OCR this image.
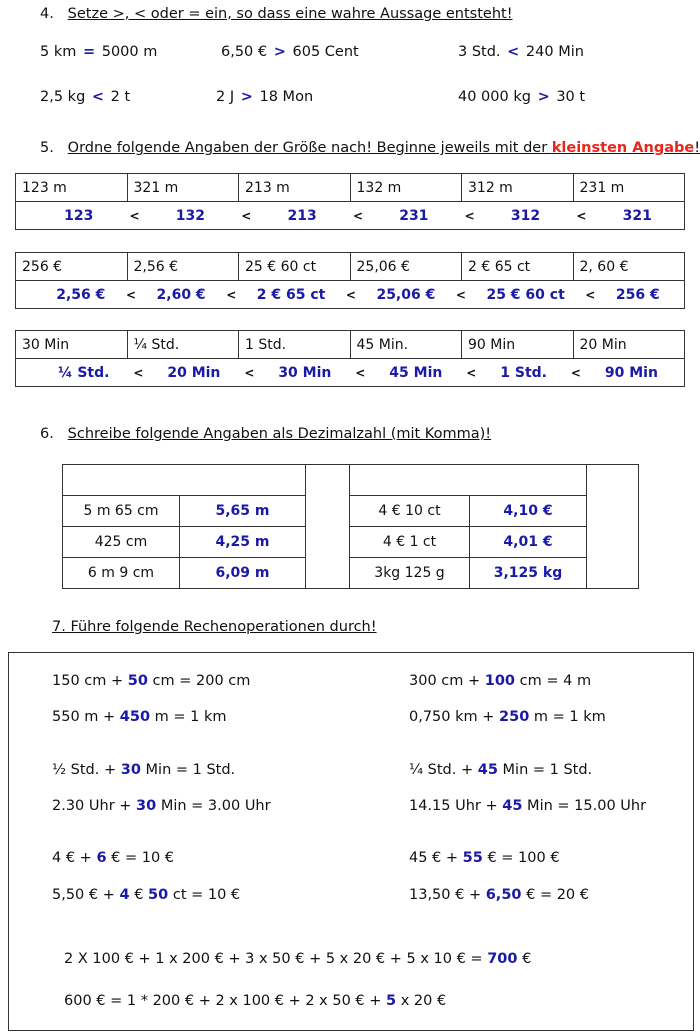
4. Setze >, < oder = ein, so dass eine wahre Aussage entsteht!
5 km = 5000 m	6,50 € > 605 Cent	3 Std. < 240 Min
2,5 kg < 2 t	2 J > 18 Mon	40 000 kg > 30 t
5. Ordne folgende Angaben der Größe nach! Beginne jeweils mit der kleinsten Angabe!
123 m	321 m	213 m	132 m	312 m	231 m

123	<	132	<	213	<	231	<	312	<	321
256 €	2,56 €	25 € 60 ct	25,06 €	2 € 65 ct	2, 60 €

2,56 € < 2,60 € < 2 € 65 ct < 25,06 € < 25 € 60 ct < 256 €
30 Min	¼ Std.	1 Std.	45 Min.	90 Min	20 Min

¼ Std. < 20 Min < 30 Min < 45 Min < 1 Std. < 90 Min
6. Schreibe folgende Angaben als Dezimalzahl (mit Komma)!

5 m 65 cm	5,65 m		4 € 10 ct	4,10 €	
425 cm	4,25 m		4 € 1 ct	4,01 €	
6 m 9 cm	6,09 m		3kg 125 g	3,125 kg	
7. Führe folgende Rechenoperationen durch!
150 cm + 50 cm = 200 cm	300 cm + 100 cm = 4 m
550 m + 450 m = 1 km	0,750 km + 250 m = 1 km
½ Std. + 30 Min = 1 Std.	¼ Std. + 45 Min = 1 Std.
2.30 Uhr + 30 Min = 3.00 Uhr	14.15 Uhr + 45 Min = 15.00 Uhr
4 € + 6 € = 10 €	45 € + 55 € = 100 €
5,50 € + 4 € 50 ct = 10 €	13,50 € + 6,50 € = 20 €
2 X 100 € + 1 x 200 € + 3 x 50 € + 5 x 20 € + 5 x 10 € = 700 €
600 € = 1 * 200 € + 2 x 100 € + 2 x 50 € + 5 x 20 €
